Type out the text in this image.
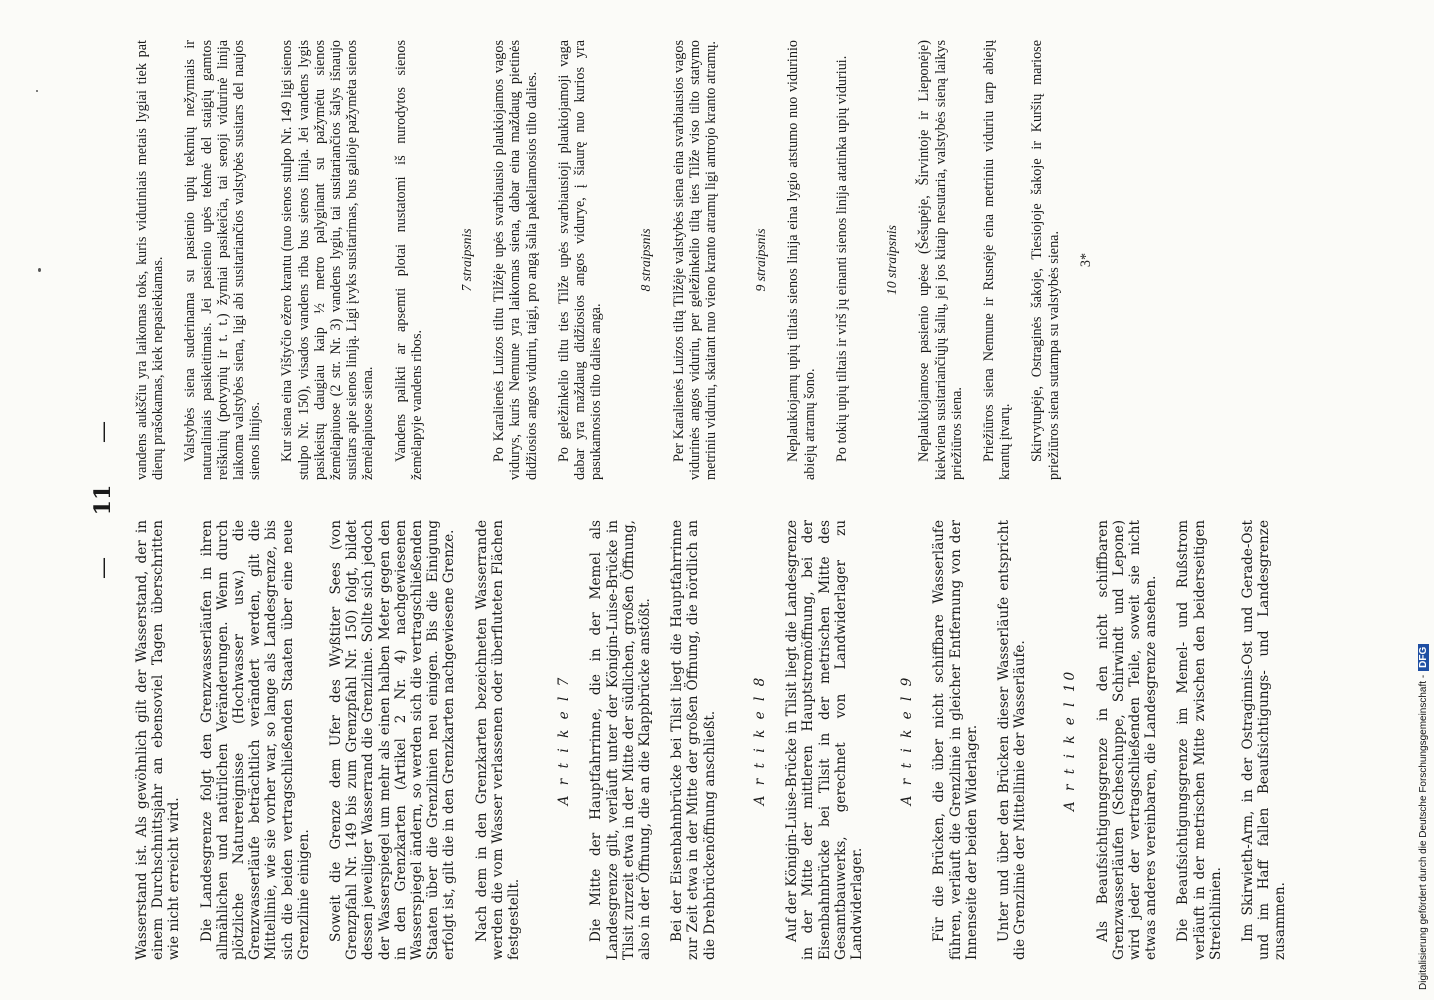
— 11 —

Wasserstand ist. Als gewöhnlich gilt der Wasserstand, der in einem Durchschnittsjahr an ebensoviel Tagen überschritten wie nicht erreicht wird. Die Landesgrenze folgt den Grenzwasserläufen in ihren allmählichen und natürlichen Veränderungen. Wenn durch plötzliche Naturereignisse (Hochwasser usw.) die Grenzwasserläufe beträchtlich verändert werden, gilt die Mittellinie, wie sie vorher war, so lange als Landesgrenze, bis sich die beiden vertragschließenden Staaten über eine neue Grenzlinie einigen. Soweit die Grenze dem Ufer des Wyßtiter Sees (von Grenzpfahl Nr. 149 bis zum Grenzpfahl Nr. 150) folgt, bildet dessen jeweiliger Wasserrand die Grenzlinie. Sollte sich jedoch der Wasserspiegel um mehr als einen halben Meter gegen den in den Grenzkarten (Artikel 2 Nr. 4) nachgewiesenen Wasserspiegel ändern, so werden sich die vertragschließenden Staaten über die Grenzlinien neu einigen. Bis die Einigung erfolgt ist, gilt die in den Grenzkarten nachgewiesene Grenze. Nach dem in den Grenzkarten bezeichneten Wasserrande werden die vom Wasser verlassenen oder überfluteten Flächen festgestellt.

A r t i k e l 7 Die Mitte der Hauptfahrrinne, die in der Memel als Landesgrenze gilt, verläuft unter der Königin-Luise-Brücke in Tilsit zurzeit etwa in der Mitte der südlichen, großen Öffnung, also in der Öffnung, die an die Klappbrücke anstößt. Bei der Eisenbahnbrücke bei Tilsit liegt die Hauptfahrrinne zur Zeit etwa in der Mitte der großen Öffnung, die nördlich an die Drehbrückenöffnung anschließt.	A r t i k e l 8 Auf der Königin-Luise-Brücke in Tilsit liegt die Landesgrenze in der Mitte der mittleren Hauptstromöffnung, bei der Eisenbahnbrücke bei Tilsit in der metrischen Mitte des Gesamtbauwerks, gerechnet von Landwiderlager zu Landwiderlager.

A r t i k e l 9 Für die Brücken, die über nicht schiffbare Wasserläufe führen, verläuft die Grenzlinie in gleicher Entfernung von der Innenseite der beiden Widerlager. Unter und über den Brücken dieser Wasserläufe entspricht die Grenzlinie der Mittellinie der Wasserläufe.	A r t i k e l 10 Als Beaufsichtigungsgrenze in den nicht schiffbaren Grenzwasserläufen (Scheschuppe, Schirwindt und Lepone) wird jeder der vertragschließenden Teile, soweit sie nicht etwas anderes vereinbaren, die Landesgrenze ansehen. Die Beaufsichtigungsgrenze im Memel- und Rußstrom verläuft in der metrischen Mitte zwischen den beiderseitigen Streichlinien. Im Skirwieth-Arm, in der Ostraginnis-Ost und Gerade-Ost und im Haff fallen Beaufsichtigungs- und Landesgrenze zusammen.

vandens aukščiu yra laikomas toks, kuris vidutiniais metais lygiai tiek pat dienų prašokamas, kiek nepasiekiamas. Valstybės siena suderinama su pasienio upių tekmių nežymiais ir naturaliniais pasikeitimais. Jei pasienio upės tekmė del staigių gamtos reiškinių (potvynių ir t. t.) žymiai pasikeičia, tai senoji vidurinė linija laikoma valstybės siena, ligi abi susitariančios valstybės susitars del naujos sienos linijos. Kur siena eina Vištyčio ežero krantu (nuo sienos stulpo Nr. 149 ligi sienos stulpo Nr. 150), visados vandens riba bus sienos linija. Jei vandens lygis pasikeistų daugiau kaip ½ metro palyginant su pažymėtu sienos žemėlapiuose (2 str. Nr. 3) vandens lygiu, tai susitariančios šalys išnaujo susitars apie sienos liniją. Ligi įvyks susitarimas, bus galioje pažymėta sienos žemėlapiuose siena. Vandens palikti ar apsemti plotai nustatomi iš nurodytos sienos žemėlapyje vandens ribos.

7 straipsnis Po Karalienės Luizos tiltu Tilžėje upės svarbiausio plaukiojamos vagos vidurys, kuris Nemune yra laikomas siena, dabar eina maždaug pietinės didžiosios angos viduriu, taigi, pro angą šalia pakeliamosios tilto dalies. Po geležinkelio tiltu ties Tilže upės svarbiausioji plaukiojamoji vaga dabar yra maždaug didžiosios angos vidurye, į šiaurę nuo kurios yra pasukamosios tilto dalies anga.

8 straipsnis Per Karalienės Luizos tiltą Tilžėje valstybės siena eina svarbiausios vagos vidurinės angos viduriu, per geležinkelio tiltą ties Tilže viso tilto statymo metriniu viduriu, skaitant nuo vieno kranto atramų ligi antrojo kranto atramų.	9 straipsnis Neplaukiojamų upių tiltais sienos linija eina lygio atstumo nuo vidurinio abiejų atramų šono. Po tokių upių tiltais ir virš jų einanti sienos linija atatinka upių viduriui.	10 straipsnis Neplaukiojamose pasienio upėse (Šešupėje, Širvintoje ir Lieponėje) kiekviena susitariančiųjų šalių, jei jos kitaip nesutaria, valstybės sieną laikys priežiūros siena. Priežiūros siena Nemune ir Rusnėje eina metriniu viduriu tarp abiejų krantų įtvarų. Skirvytupėje, Ostraginės šakoje, Tiesiojoje šakoje ir Kuršių mariose priežiūros siena sutampa su valstybės siena. 3*

Digitalisierung gefördert durch die Deutsche Forschungsgemeinschaft -DFG
